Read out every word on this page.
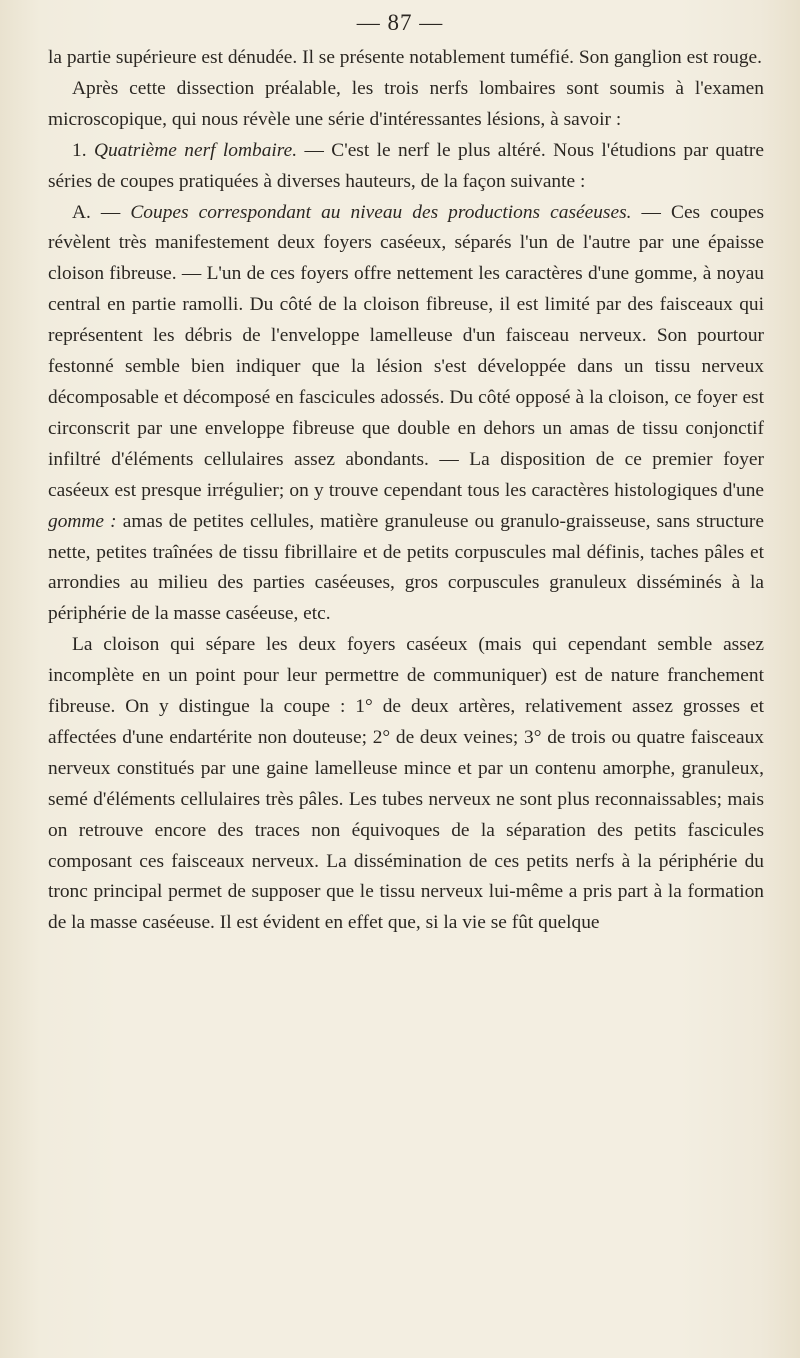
— 87 —

la partie supérieure est dénudée. Il se présente notablement tuméfié. Son ganglion est rouge.

Après cette dissection préalable, les trois nerfs lombaires sont soumis à l'examen microscopique, qui nous révèle une série d'intéressantes lésions, à savoir :

1. Quatrième nerf lombaire. — C'est le nerf le plus altéré. Nous l'étudions par quatre séries de coupes pratiquées à diverses hauteurs, de la façon suivante :

A. — Coupes correspondant au niveau des productions caséeuses. — Ces coupes révèlent très manifestement deux foyers caséeux, séparés l'un de l'autre par une épaisse cloison fibreuse. — L'un de ces foyers offre nettement les caractères d'une gomme, à noyau central en partie ramolli. Du côté de la cloison fibreuse, il est limité par des faisceaux qui représentent les débris de l'enveloppe lamelleuse d'un faisceau nerveux. Son pourtour festonné semble bien indiquer que la lésion s'est développée dans un tissu nerveux décomposable et décomposé en fascicules adossés. Du côté opposé à la cloison, ce foyer est circonscrit par une enveloppe fibreuse que double en dehors un amas de tissu conjonctif infiltré d'éléments cellulaires assez abondants. — La disposition de ce premier foyer caséeux est presque irrégulier; on y trouve cependant tous les caractères histologiques d'une gomme : amas de petites cellules, matière granuleuse ou granulo-graisseuse, sans structure nette, petites traînées de tissu fibrillaire et de petits corpuscules mal définis, taches pâles et arrondies au milieu des parties caséeuses, gros corpuscules granuleux disséminés à la périphérie de la masse caséeuse, etc.

La cloison qui sépare les deux foyers caséeux (mais qui cependant semble assez incomplète en un point pour leur permettre de communiquer) est de nature franchement fibreuse. On y distingue la coupe : 1° de deux artères, relativement assez grosses et affectées d'une endartérite non douteuse; 2° de deux veines; 3° de trois ou quatre faisceaux nerveux constitués par une gaine lamelleuse mince et par un contenu amorphe, granuleux, semé d'éléments cellulaires très pâles. Les tubes nerveux ne sont plus reconnaissables; mais on retrouve encore des traces non équivoques de la séparation des petits fascicules composant ces faisceaux nerveux. La dissémination de ces petits nerfs à la périphérie du tronc principal permet de supposer que le tissu nerveux lui-même a pris part à la formation de la masse caséeuse. Il est évident en effet que, si la vie se fût quelque
